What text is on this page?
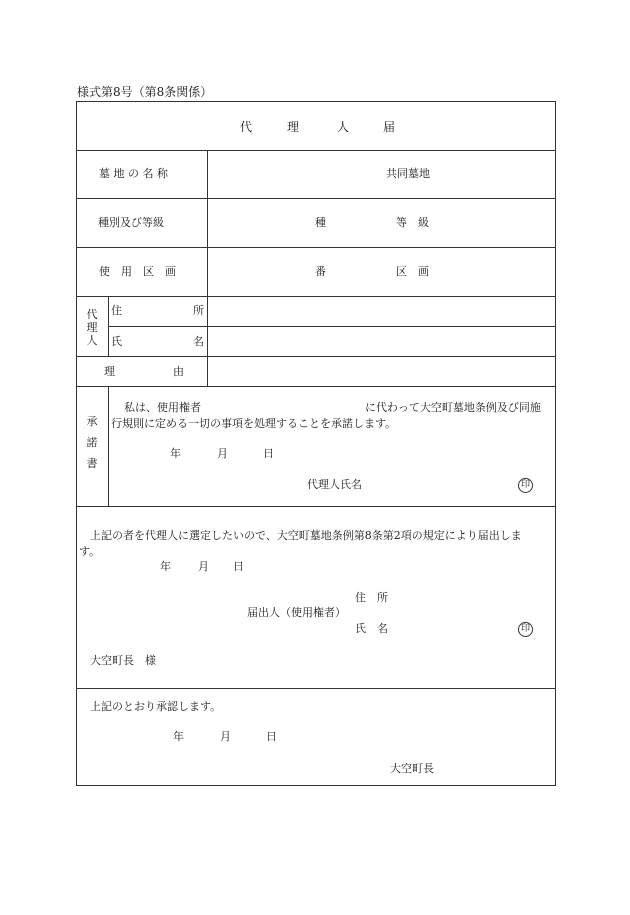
様式第8号（第8条関係）
代	理	人	届
墓 地 の 名 称	共同墓地
種別及び等級	種	等　級
使　用　区　画	番	区　画
代
理
人
住	所
氏	名
理	由
承
諾
書
私は、使用権者	に代わって大空町墓地条例及び同施
行規則に定める一切の事項を処理することを承諾します。
年	月	日
代理人氏名	印
上記の者を代理人に選定したいので、大空町墓地条例第8条第2項の規定により届出しま
す。
年 月 日
住　所
届出人（使用権者）
氏　名	印
大空町長　様
上記のとおり承認します。
年	月	日
大空町長
